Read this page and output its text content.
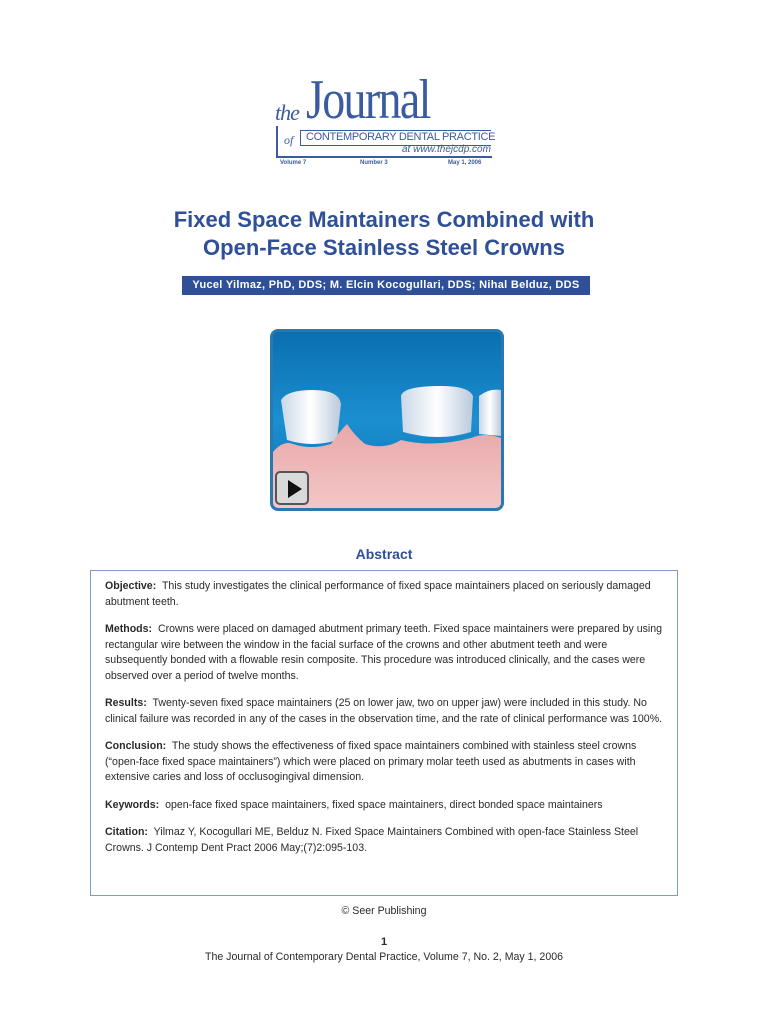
the Journal
of CONTEMPORARY DENTAL PRACTICE
at www.thejcdp.com
Volume 7	Number 3	May 1, 2006
Fixed Space Maintainers Combined with
Open-Face Stainless Steel Crowns
Yucel Yilmaz, PhD, DDS; M. Elcin Kocogullari, DDS; Nihal Belduz, DDS
Abstract

Objective: This study investigates the clinical performance of fixed space maintainers placed on seriously damaged abutment teeth.

Methods: Crowns were placed on damaged abutment primary teeth. Fixed space maintainers were prepared by using rectangular wire between the window in the facial surface of the crowns and other abutment teeth and were subsequently bonded with a flowable resin composite. This procedure was introduced clinically, and the cases were observed over a period of twelve months.

Results: Twenty-seven fixed space maintainers (25 on lower jaw, two on upper jaw) were included in this study. No clinical failure was recorded in any of the cases in the observation time, and the rate of clinical performance was 100%.

Conclusion: The study shows the effectiveness of fixed space maintainers combined with stainless steel crowns (“open-face fixed space maintainers”) which were placed on primary molar teeth used as abutments in cases with extensive caries and loss of occlusogingival dimension.

Keywords: open-face fixed space maintainers, fixed space maintainers, direct bonded space maintainers

Citation: Yilmaz Y, Kocogullari ME, Belduz N. Fixed Space Maintainers Combined with open-face Stainless Steel Crowns. J Contemp Dent Pract 2006 May;(7)2:095-103.

© Seer Publishing
1
The Journal of Contemporary Dental Practice, Volume 7, No. 2, May 1, 2006
